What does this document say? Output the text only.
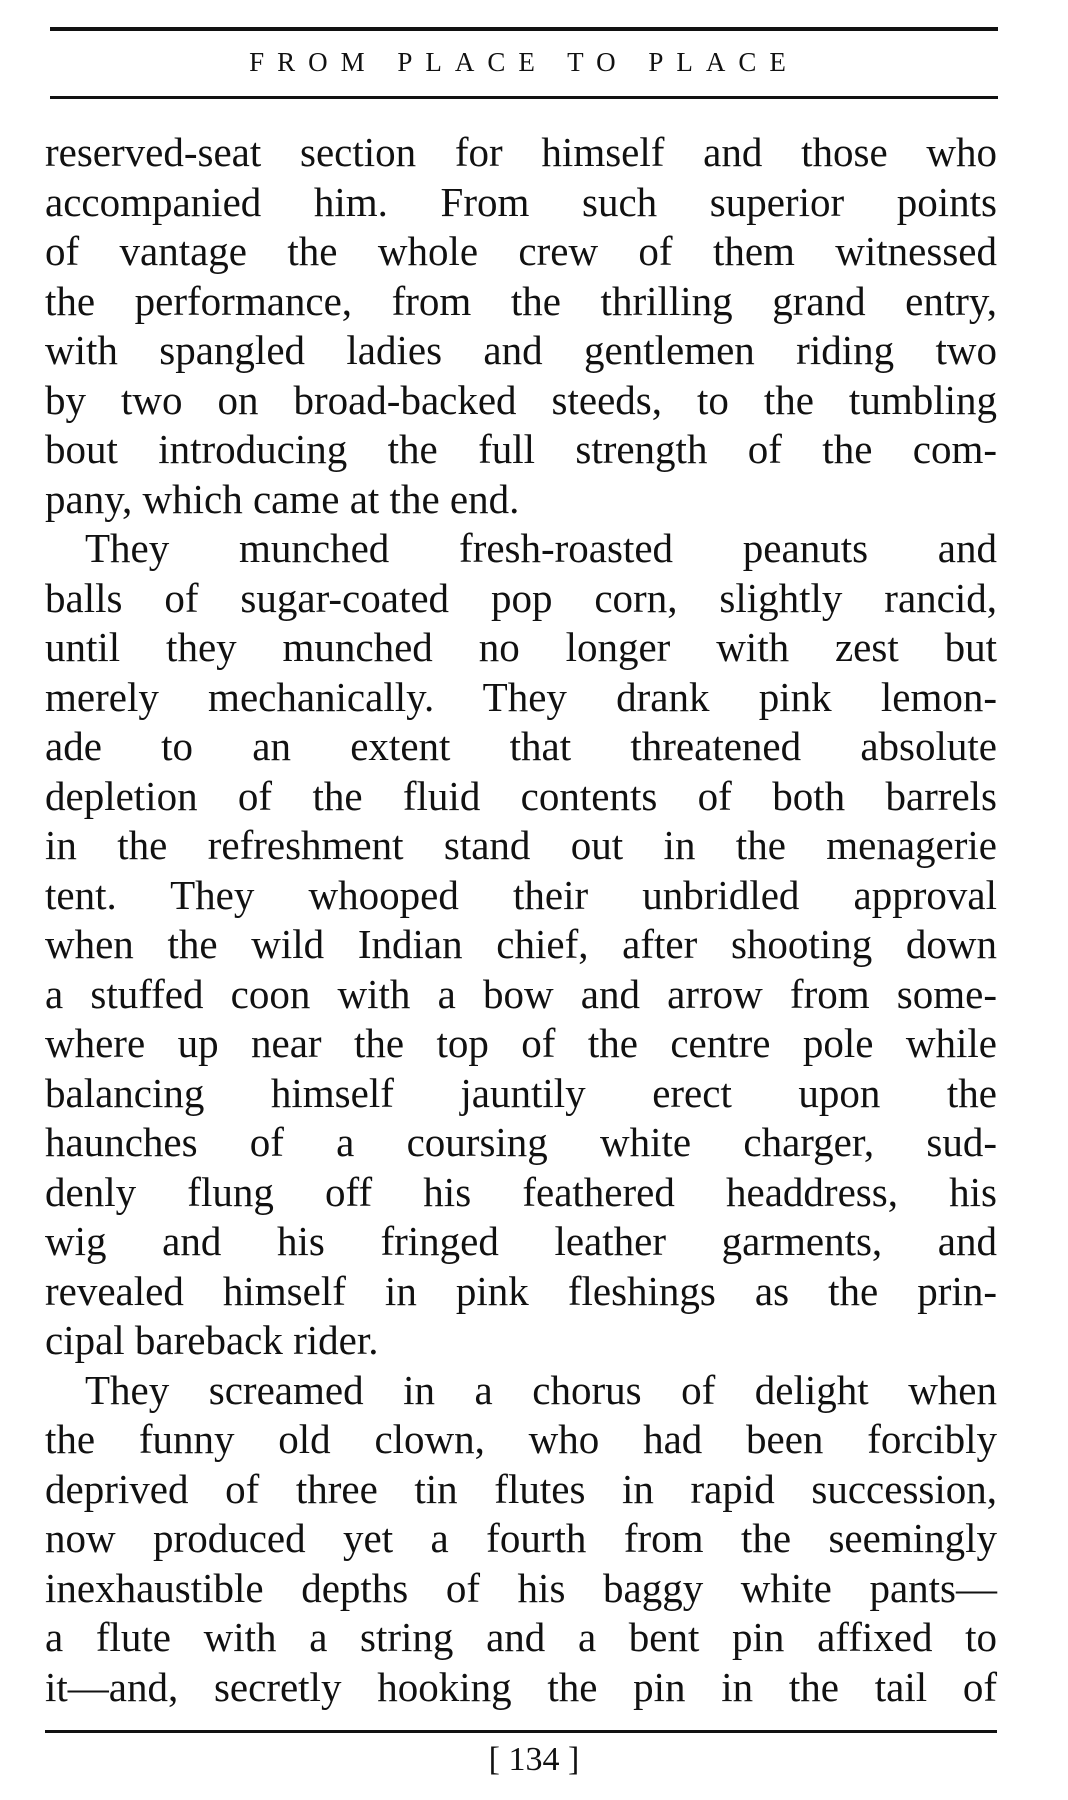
FROM PLACE TO PLACE
reserved-seat section for himself and those who
accompanied him. From such superior points
of vantage the whole crew of them witnessed
the performance, from the thrilling grand entry,
with spangled ladies and gentlemen riding two
by two on broad-backed steeds, to the tumbling
bout introducing the full strength of the com-
pany, which came at the end.
They munched fresh-roasted peanuts and
balls of sugar-coated pop corn, slightly rancid,
until they munched no longer with zest but
merely mechanically. They drank pink lemon-
ade to an extent that threatened absolute
depletion of the fluid contents of both barrels
in the refreshment stand out in the menagerie
tent. They whooped their unbridled approval
when the wild Indian chief, after shooting down
a stuffed coon with a bow and arrow from some-
where up near the top of the centre pole while
balancing himself jauntily erect upon the
haunches of a coursing white charger, sud-
denly flung off his feathered headdress, his
wig and his fringed leather garments, and
revealed himself in pink fleshings as the prin-
cipal bareback rider.
They screamed in a chorus of delight when
the funny old clown, who had been forcibly
deprived of three tin flutes in rapid succession,
now produced yet a fourth from the seemingly
inexhaustible depths of his baggy white pants—
a flute with a string and a bent pin affixed to
it—and, secretly hooking the pin in the tail of
[ 134 ]
